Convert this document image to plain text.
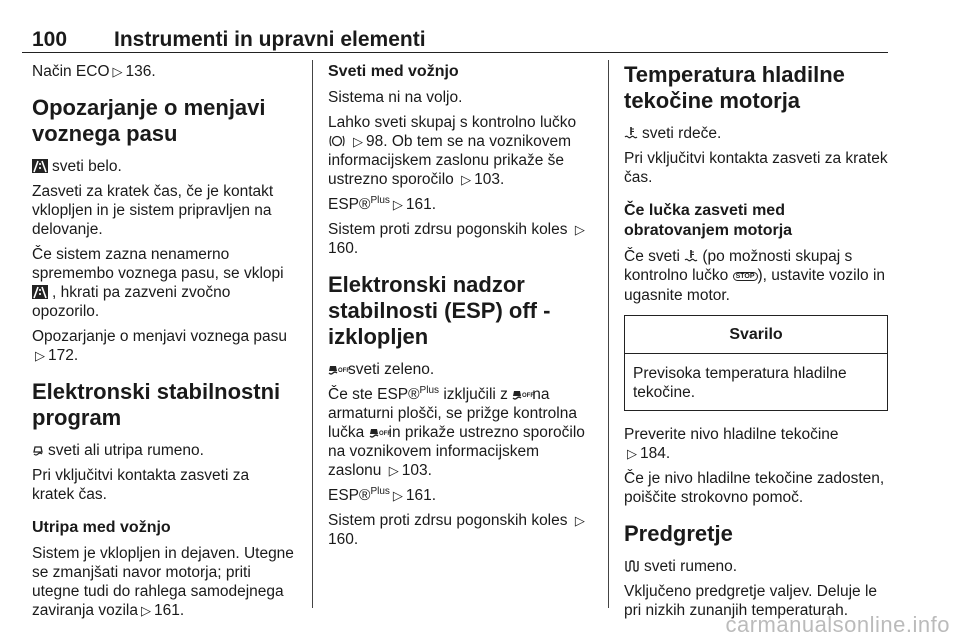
100 Instrumenti in upravni elementi

Način ECO ▷ 136.

Opozarjanje o menjavi voznega pasu

sveti belo.

Zasveti za kratek čas, če je kontakt vklopljen in je sistem pripravljen na delovanje.

Če sistem zazna nenamerno spremembo voznega pasu, se vklopi , hkrati pa zazveni zvočno opozorilo.

Opozarjanje o menjavi voznega pasu ▷ 172.

Elektronski stabilnostni program

sveti ali utripa rumeno.

Pri vključitvi kontakta zasveti za kratek čas.

Utripa med vožnjo

Sistem je vklopljen in dejaven. Utegne se zmanjšati navor motorja; priti utegne tudi do rahlega samodejnega zaviranja vozila ▷ 161.

Sveti med vožnjo

Sistema ni na voljo.

Lahko sveti skupaj s kontrolno lučko ▷ 98. Ob tem se na voznikovem informacijskem zaslonu prikaže še ustrezno sporočilo ▷ 103.

ESP®$^{Plus}$ ▷ 161.

Sistem proti zdrsu pogonskih koles ▷160.

Elektronski nadzor stabilnosti (ESP) off - izklopljen

OFF
sveti zeleno.

Če ste ESP®$^{Plus}$ izključili z OFF
na armaturni plošči, se prižge kontrolna lučka OFF
in prikaže ustrezno sporočilo na voznikovem informacijskem zaslonu ▷ 103.

ESP®$^{Plus}$ ▷ 161.

Sistem proti zdrsu pogonskih koles ▷160.

Temperatura hladilne tekočine motorja

sveti rdeče.

Pri vključitvi kontakta zasveti za kratek čas.

Če lučka zasveti med obratovanjem motorja

Če sveti (po možnosti skupaj s kontrolno lučko STOP ), ustavite vozilo in ugasnite motor.

Svarilo
Previsoka temperatura hladilne tekočine.

Preverite nivo hladilne tekočine
▷ 184.

Če je nivo hladilne tekočine zadosten, poiščite strokovno pomoč.

Predgretje

sveti rumeno.

Vključeno predgretje valjev. Deluje le pri nizkih zunanjih temperaturah.

carmanualsonline.info
